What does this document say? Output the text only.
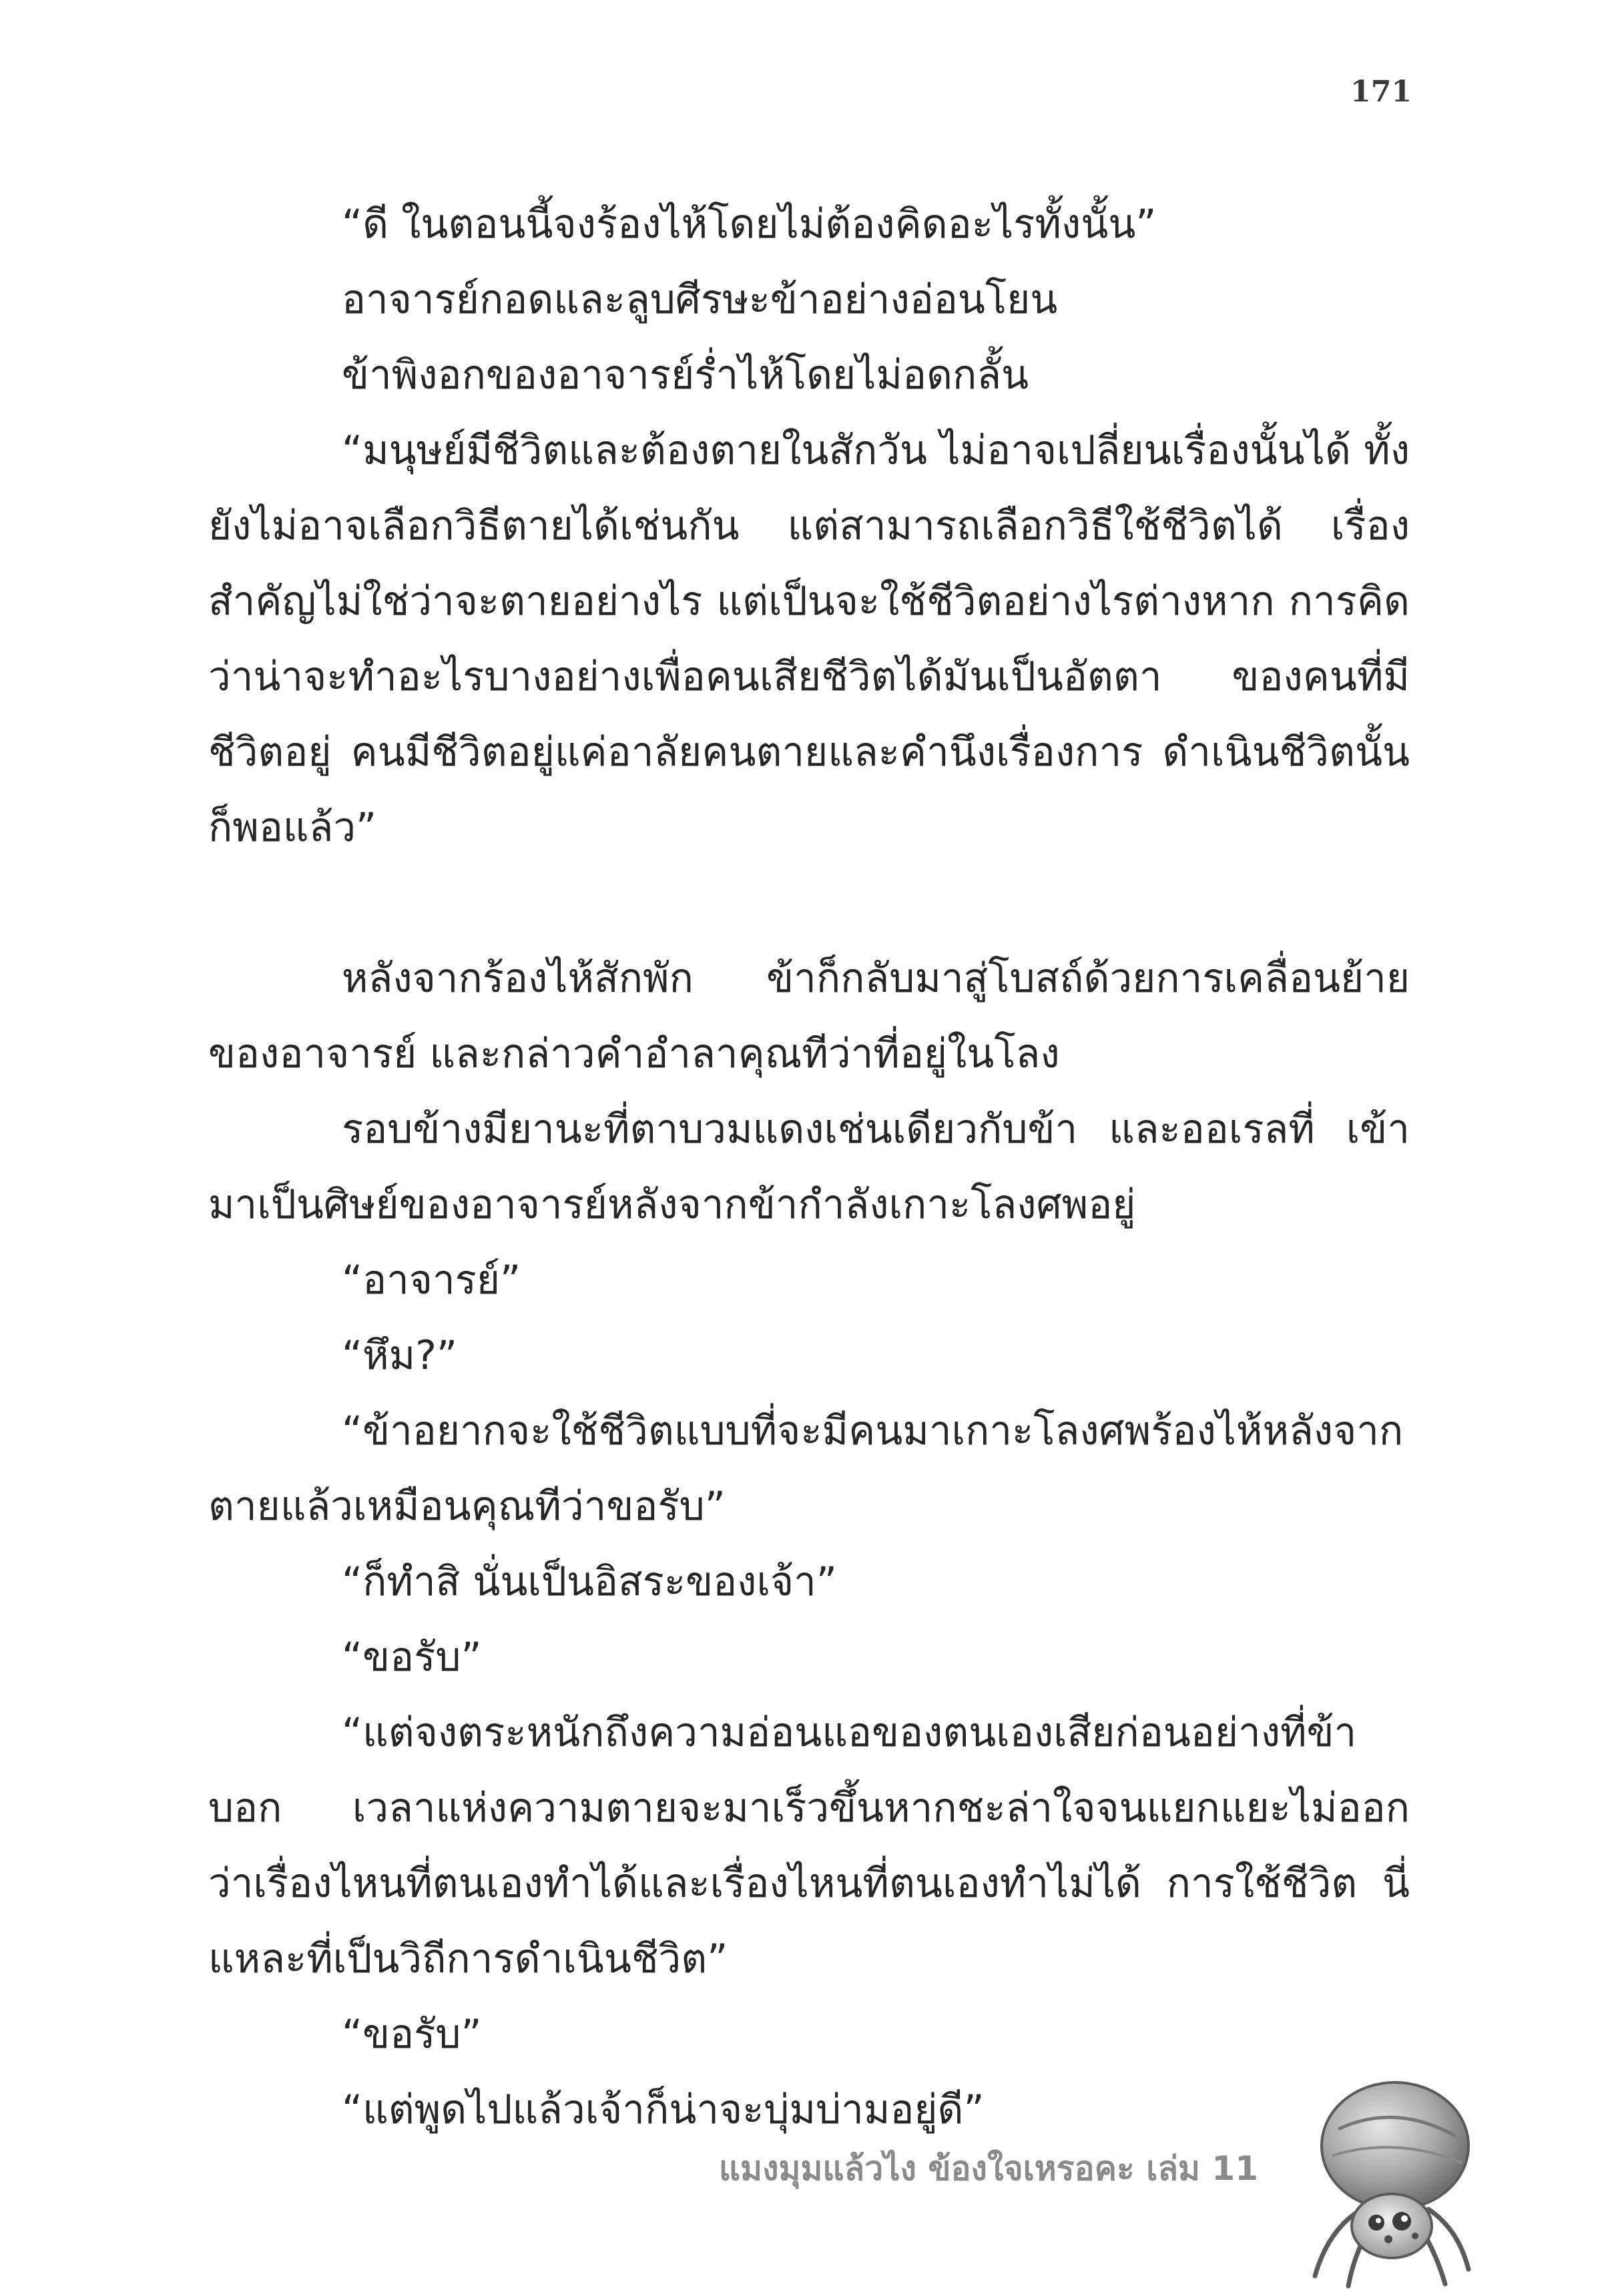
171

“ดี ในตอนนี้จงร้องไห้โดยไม่ต้องคิดอะไรทั้งนั้น”

อาจารย์กอดและลูบศีรษะข้าอย่างอ่อนโยน

ข้าพิงอกของอาจารย์ร่ำไห้โดยไม่อดกลั้น

“มนุษย์มีชีวิตและต้องตายในสักวัน ไม่อาจเปลี่ยนเรื่องนั้นได้ ทั้งยังไม่อาจเลือกวิธีตายได้เช่นกัน แต่สามารถเลือกวิธีใช้ชีวิตได้ เรื่องสำคัญไม่ใช่ว่าจะตายอย่างไร แต่เป็นจะใช้ชีวิตอย่างไรต่างหาก การคิดว่าน่าจะทำอะไรบางอย่างเพื่อคนเสียชีวิตได้มันเป็นอัตตา ของคนที่มีชีวิตอยู่ คนมีชีวิตอยู่แค่อาลัยคนตายและคำนึงเรื่องการ ดำเนินชีวิตนั้นก็พอแล้ว”

หลังจากร้องไห้สักพัก ข้าก็กลับมาสู่โบสถ์ด้วยการเคลื่อนย้าย ของอาจารย์ และกล่าวคำอำลาคุณทีว่าที่อยู่ในโลง

รอบข้างมียานะที่ตาบวมแดงเช่นเดียวกับข้า และออเรลที่ เข้ามาเป็นศิษย์ของอาจารย์หลังจากข้ากำลังเกาะโลงศพอยู่

“อาจารย์”

“หึม?”

“ข้าอยากจะใช้ชีวิตแบบที่จะมีคนมาเกาะโลงศพร้องไห้หลังจาก ตายแล้วเหมือนคุณทีว่าขอรับ”

“ก็ทำสิ นั่นเป็นอิสระของเจ้า”

“ขอรับ”

“แต่จงตระหนักถึงความอ่อนแอของตนเองเสียก่อนอย่างที่ข้า บอก เวลาแห่งความตายจะมาเร็วขึ้นหากชะล่าใจจนแยกแยะไม่ออก ว่าเรื่องไหนที่ตนเองทำได้และเรื่องไหนที่ตนเองทำไม่ได้ การใช้ชีวิต นี่แหละที่เป็นวิถีการดำเนินชีวิต”

“ขอรับ”

“แต่พูดไปแล้วเจ้าก็น่าจะบุ่มบ่ามอยู่ดี”

แมงมุมแล้วไง ข้องใจเหรอคะ เล่ม 11
